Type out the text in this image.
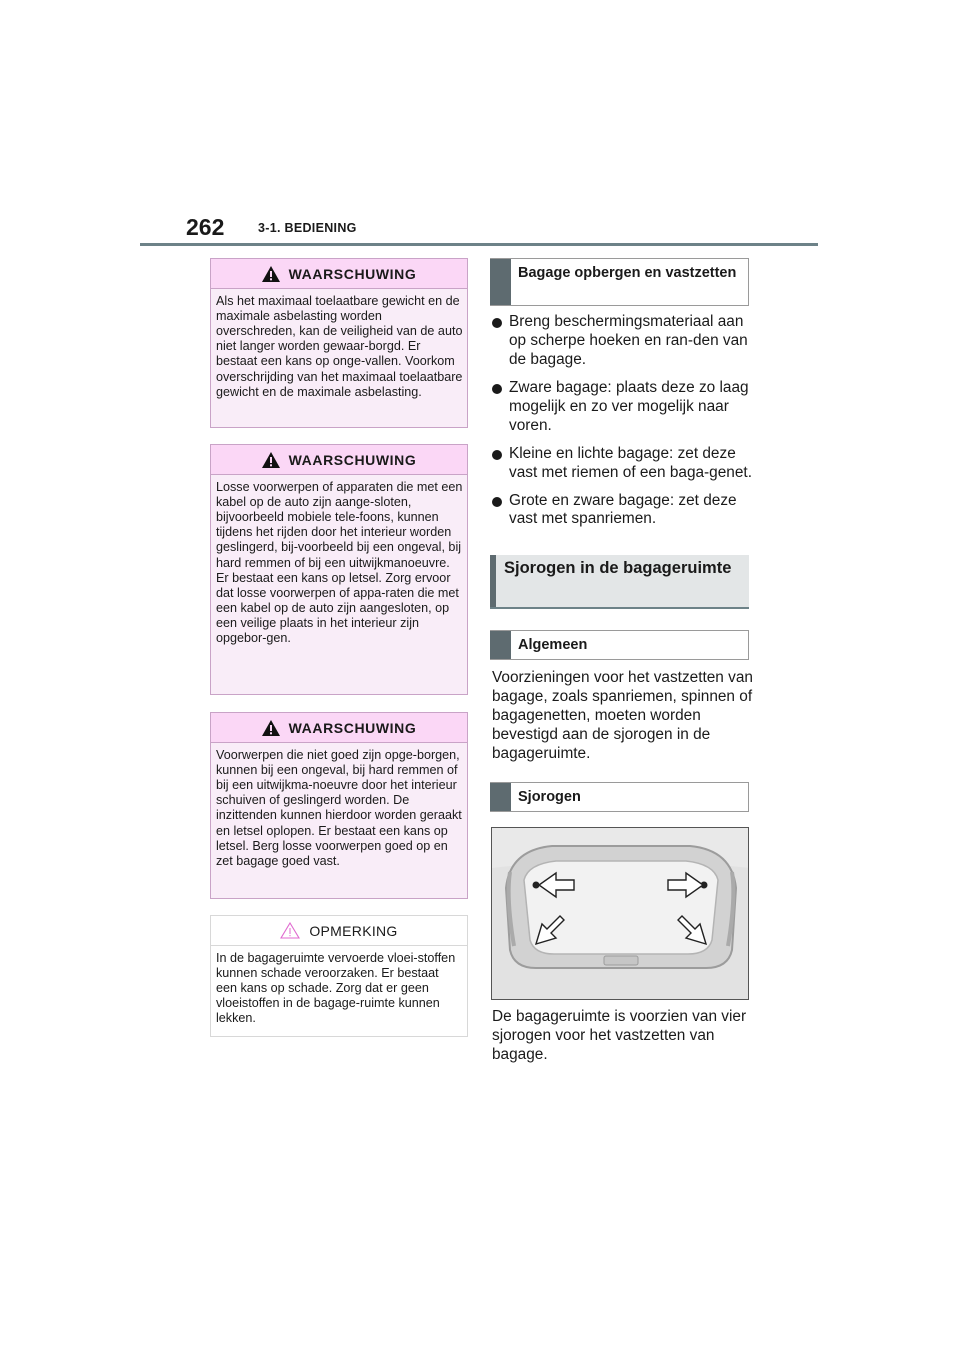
262	3-1. BEDIENING
WAARSCHUWING
Als het maximaal toelaatbare gewicht en de maximale asbelasting worden overschreden, kan de veiligheid van de auto niet langer worden gewaar-borgd. Er bestaat een kans op onge-vallen. Voorkom overschrijding van het maximaal toelaatbare gewicht en de maximale asbelasting.
WAARSCHUWING
Losse voorwerpen of apparaten die met een kabel op de auto zijn aange-sloten, bijvoorbeeld mobiele tele-foons, kunnen tijdens het rijden door het interieur worden geslingerd, bij-voorbeeld bij een ongeval, bij hard remmen of bij een uitwijkmanoeuvre. Er bestaat een kans op letsel. Zorg ervoor dat losse voorwerpen of appa-raten die met een kabel op de auto zijn aangesloten, op een veilige plaats in het interieur zijn opgebor-gen.
WAARSCHUWING
Voorwerpen die niet goed zijn opge-borgen, kunnen bij een ongeval, bij hard remmen of bij een uitwijkma-noeuvre door het interieur schuiven of geslingerd worden. De inzittenden kunnen hierdoor worden geraakt en letsel oplopen. Er bestaat een kans op letsel. Berg losse voorwerpen goed op en zet bagage goed vast.
OPMERKING
In de bagageruimte vervoerde vloei-stoffen kunnen schade veroorzaken. Er bestaat een kans op schade. Zorg dat er geen vloeistoffen in de bagage-ruimte kunnen lekken.
Bagage opbergen en vastzetten
Breng beschermingsmateriaal aan op scherpe hoeken en ran-den van de bagage.
Zware bagage: plaats deze zo laag mogelijk en zo ver mogelijk naar voren.
Kleine en lichte bagage: zet deze vast met riemen of een baga-genet.
Grote en zware bagage: zet deze vast met spanriemen.
Sjorogen in de bagageruimte
Algemeen
Voorzieningen voor het vastzetten van bagage, zoals spanriemen, spinnen of bagagenetten, moeten worden bevestigd aan de sjorogen in de bagageruimte.
Sjorogen
De bagageruimte is voorzien van vier sjorogen voor het vastzetten van bagage.
